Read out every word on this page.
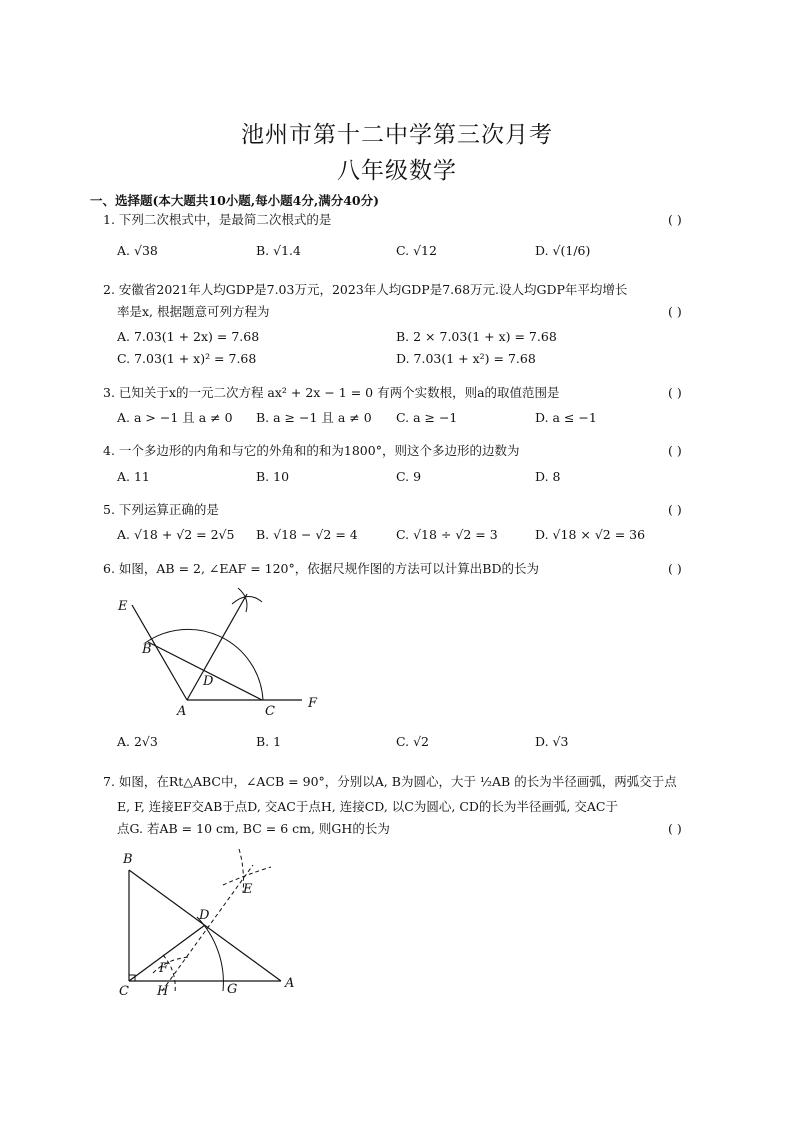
池州市第十二中学第三次月考
八年级数学
一、选择题(本大题共10小题,每小题4分,满分40分)
1. 下列二次根式中，是最简二次根式的是	( )
A. √38	B. √1.4	C. √12	D. √(1/6)
2. 安徽省2021年人均GDP是7.03万元，2023年人均GDP是7.68万元.设人均GDP年平均增长
率是x, 根据题意可列方程为	( )
A. 7.03(1 + 2x) = 7.68	B. 2 × 7.03(1 + x) = 7.68
C. 7.03(1 + x)² = 7.68	D. 7.03(1 + x²) = 7.68
3. 已知关于x的一元二次方程 ax² + 2x − 1 = 0 有两个实数根，则a的取值范围是	( )
A. a > −1 且 a ≠ 0 B. a ≥ −1 且 a ≠ 0 C. a ≥ −1	D. a ≤ −1
4. 一个多边形的内角和与它的外角和的和为1800°，则这个多边形的边数为	( )
A. 11	B. 10	C. 9	D. 8
5. 下列运算正确的是	( )
A. √18 + √2 = 2√5 B. √18 − √2 = 4	C. √18 ÷ √2 = 3	D. √18 × √2 = 36
6. 如图，AB = 2, ∠EAF = 120°，依据尺规作图的方法可以计算出BD的长为	( )
E
B
D
A	C
F
A. 2√3	B. 1	C. √2	D. √3
7. 如图，在Rt△ABC中，∠ACB = 90°，分别以A, B为圆心，大于 ½AB 的长为半径画弧，两弧交于点
E, F, 连接EF交AB于点D, 交AC于点H, 连接CD, 以C为圆心, CD的长为半径画弧, 交AC于
点G. 若AB = 10 cm, BC = 6 cm, 则GH的长为	( )
B
E
D
F
C H	G	A
